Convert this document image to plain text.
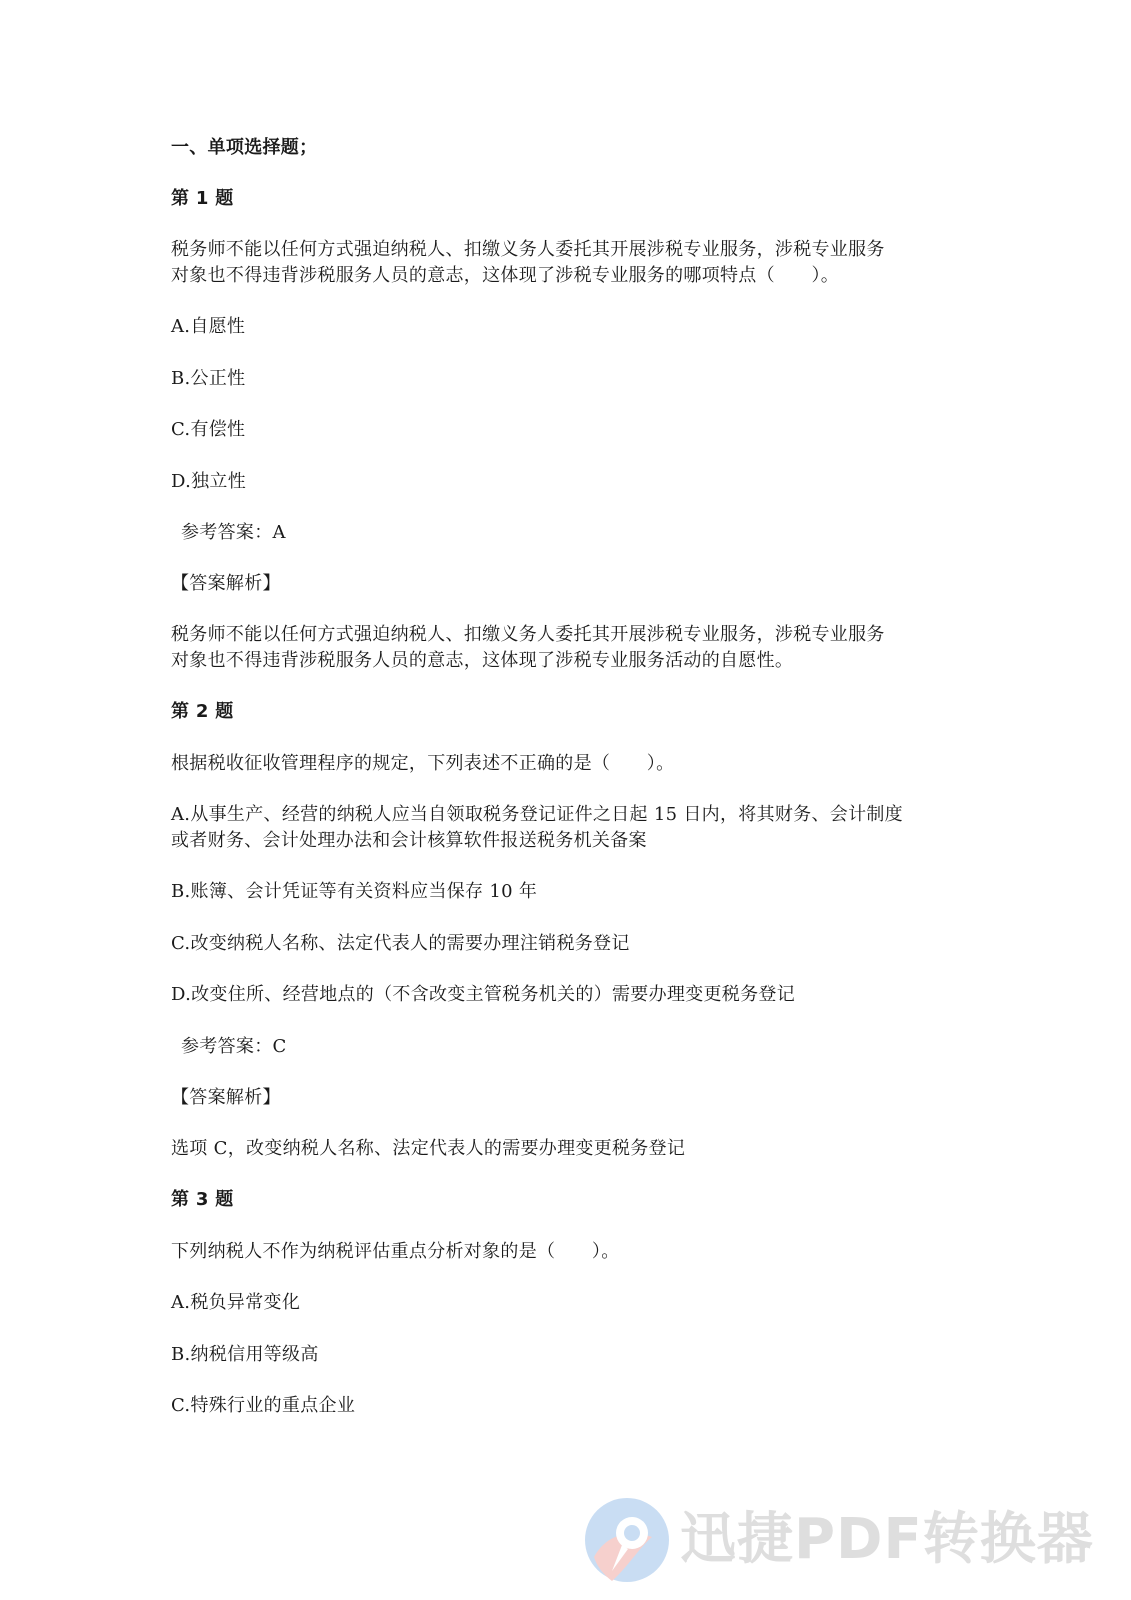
一、单项选择题；
第 1 题
税务师不能以任何方式强迫纳税人、扣缴义务人委托其开展涉税专业服务，涉税专业服务
对象也不得违背涉税服务人员的意志，这体现了涉税专业服务的哪项特点（　　）。
A.自愿性
B.公正性
C.有偿性
D.独立性
参考答案：A
【答案解析】
税务师不能以任何方式强迫纳税人、扣缴义务人委托其开展涉税专业服务，涉税专业服务
对象也不得违背涉税服务人员的意志，这体现了涉税专业服务活动的自愿性。
第 2 题
根据税收征收管理程序的规定，下列表述不正确的是（　　）。
A.从事生产、经营的纳税人应当自领取税务登记证件之日起 15 日内，将其财务、会计制度
或者财务、会计处理办法和会计核算软件报送税务机关备案
B.账簿、会计凭证等有关资料应当保存 10 年
C.改变纳税人名称、法定代表人的需要办理注销税务登记
D.改变住所、经营地点的（不含改变主管税务机关的）需要办理变更税务登记
参考答案：C
【答案解析】
选项 C，改变纳税人名称、法定代表人的需要办理变更税务登记
第 3 题
下列纳税人不作为纳税评估重点分析对象的是（　　）。
A.税负异常变化
B.纳税信用等级高
C.特殊行业的重点企业
迅捷PDF转换器
